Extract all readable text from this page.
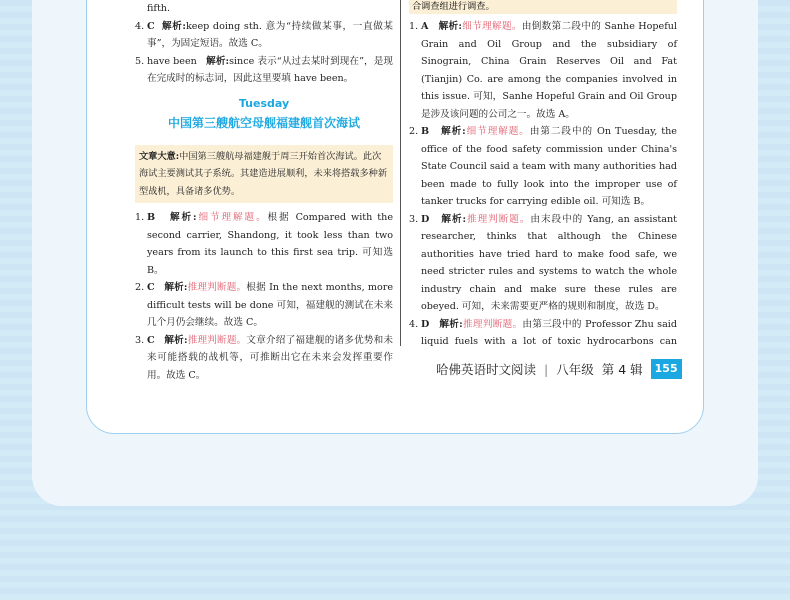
fifth.
4. C 解析:keep doing sth. 意为“持续做某事，一直做某事”，为固定短语。故选 C。
5. have been 解析:since 表示“从过去某时到现在”，是现在完成时的标志词，因此这里要填 have been。
Tuesday
中国第三艘航空母舰福建舰首次海试
文章大意:中国第三艘航母福建舰于周三开始首次海试。此次海试主要测试其子系统。其建造进展顺利，未来将搭载多种新型战机，具备诸多优势。
1. B 解析:细节理解题。根据 Compared with the second carrier, Shandong, it took less than two years from its launch to this first sea trip. 可知选 B。
2. C 解析:推理判断题。根据 In the next months, more difficult tests will be done 可知，福建舰的测试在未来几个月仍会继续。故选 C。
3. C 解析:推理判断题。文章介绍了福建舰的诸多优势和未来可能搭载的战机等，可推断出它在未来会发挥重要作用。故选 C。
合调查组进行调查。
1. A 解析:细节理解题。由倒数第二段中的 Sanhe Hopeful Grain and Oil Group and the subsidiary of Sinograin, China Grain Reserves Oil and Fat (Tianjin) Co. are among the companies involved in this issue. 可知，Sanhe Hopeful Grain and Oil Group 是涉及该问题的公司之一。故选 A。
2. B 解析:细节理解题。由第二段中的 On Tuesday, the office of the food safety commission under China's State Council said a team with many authorities had been made to fully look into the improper use of tanker trucks for carrying edible oil. 可知选 B。
3. D 解析:推理判断题。由末段中的 Yang, an assistant researcher, thinks that although the Chinese authorities have tried hard to make food safe, we need stricter rules and systems to watch the whole industry chain and make sure these rules are obeyed. 可知，未来需要更严格的规则和制度，故选 D。
4. D 解析:推理判断题。由第三段中的 Professor Zhu said liquid fuels with a lot of toxic hydrocarbons can
哈佛英语时文阅读 | 八年级 第 4 辑	155
